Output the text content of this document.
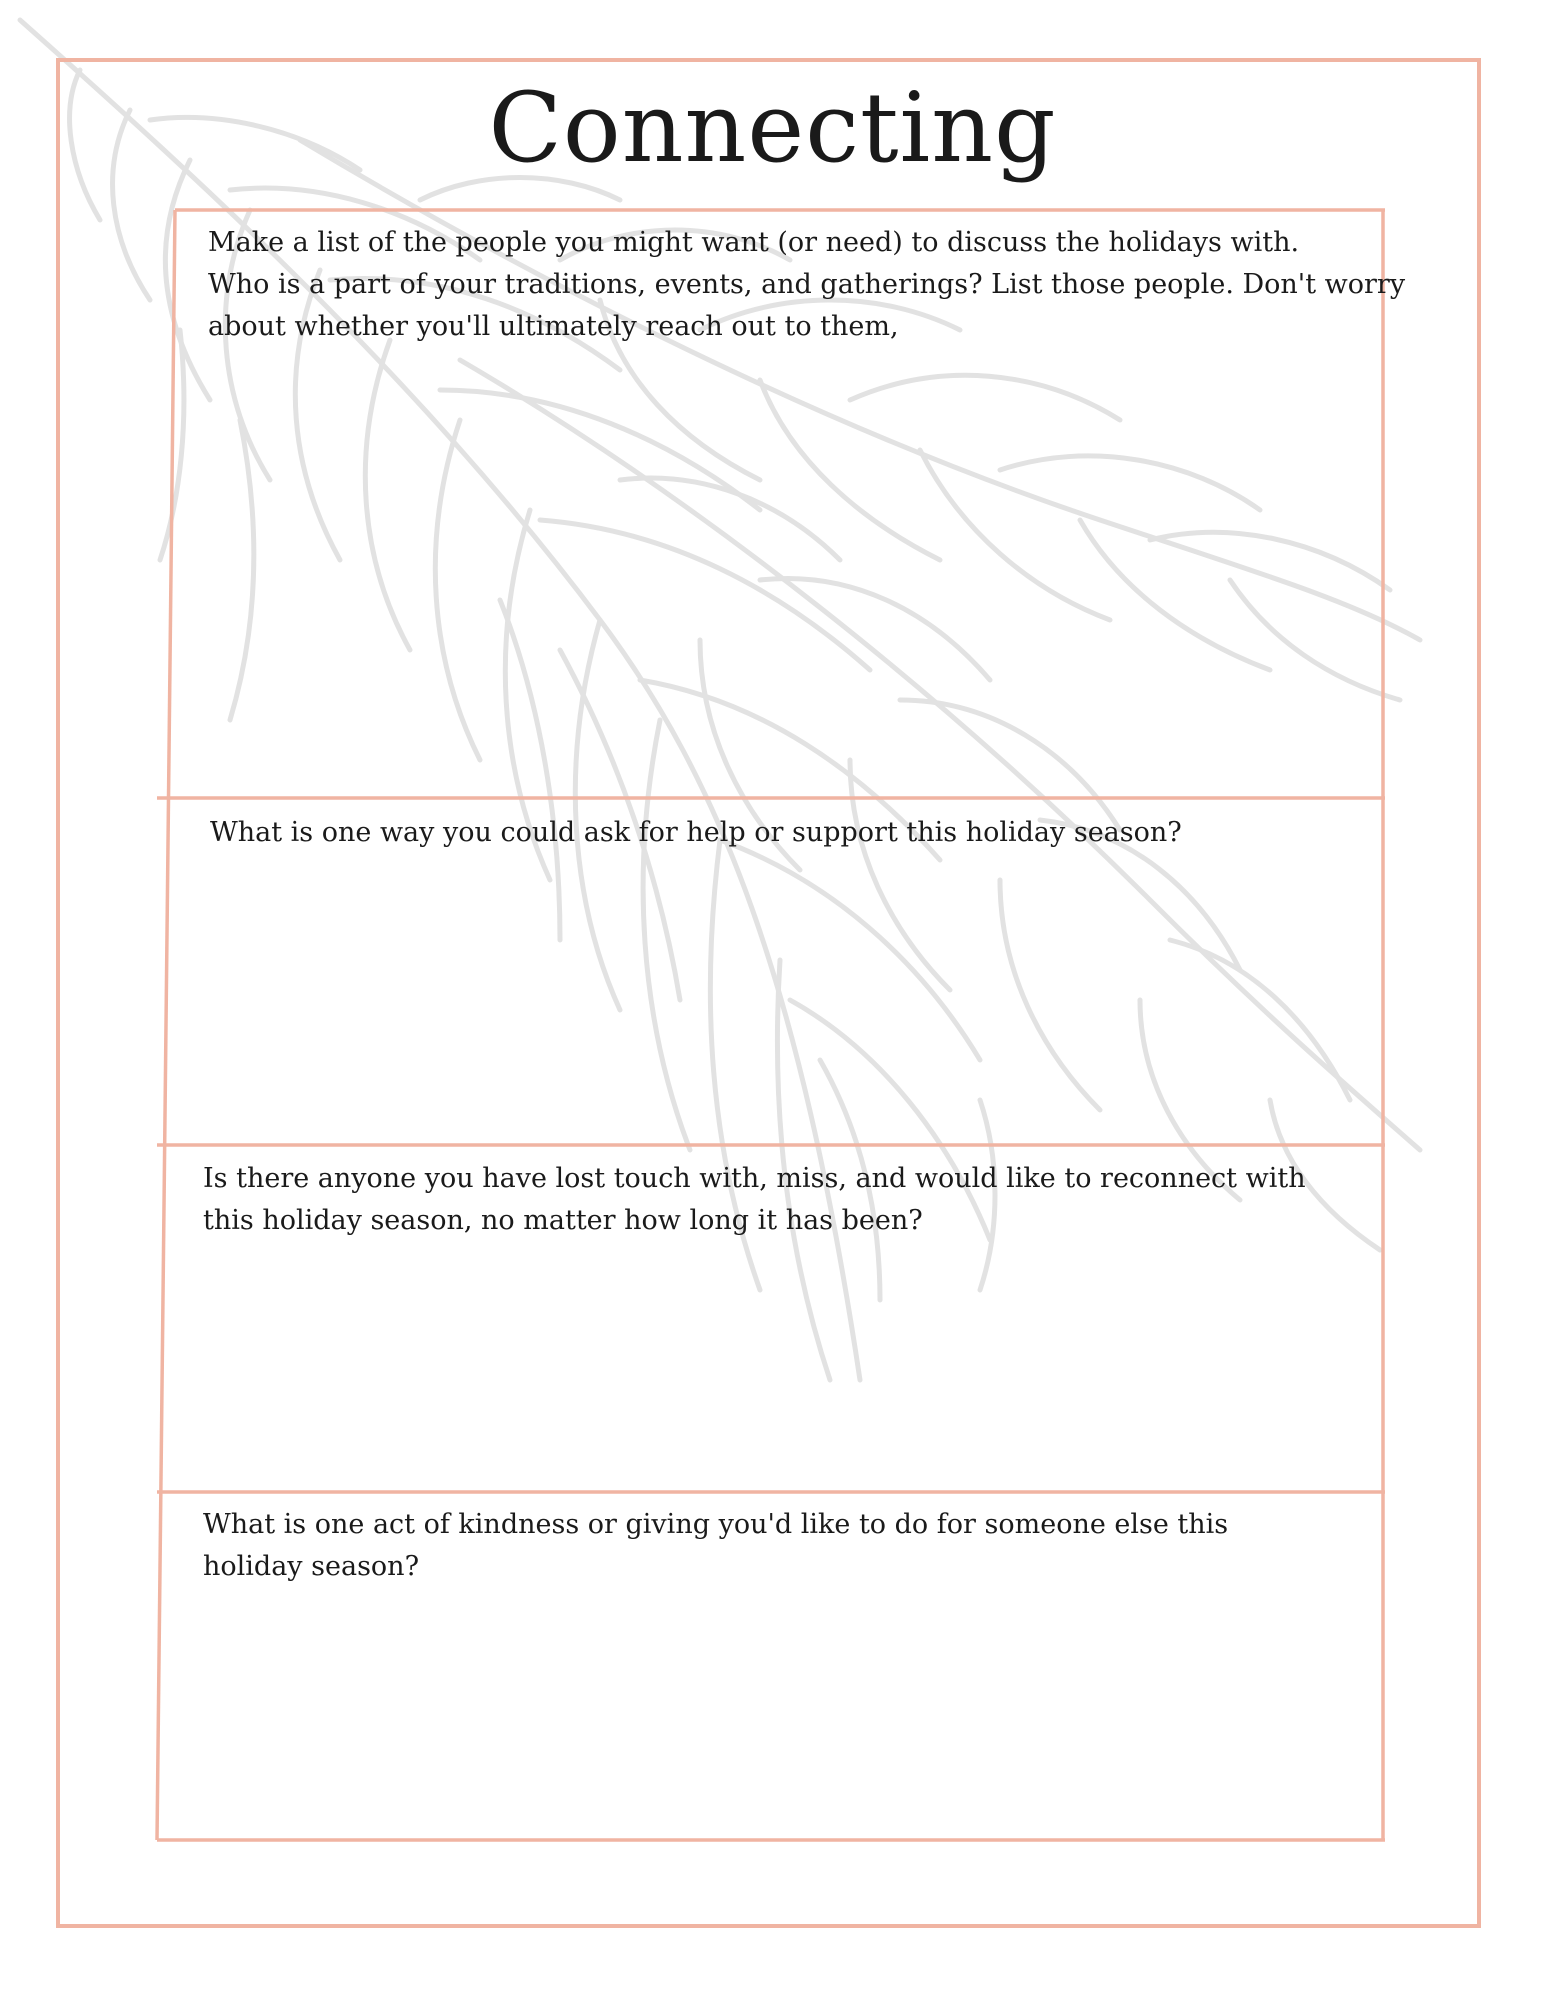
Connecting
Make a list of the people you might want (or need) to discuss the holidays with.
Who is a part of your traditions, events, and gatherings? List those people. Don't worry
about whether you'll ultimately reach out to them,
What is one way you could ask for help or support this holiday season?
Is there anyone you have lost touch with, miss, and would like to reconnect with
this holiday season, no matter how long it has been?
What is one act of kindness or giving you'd like to do for someone else this
holiday season?
